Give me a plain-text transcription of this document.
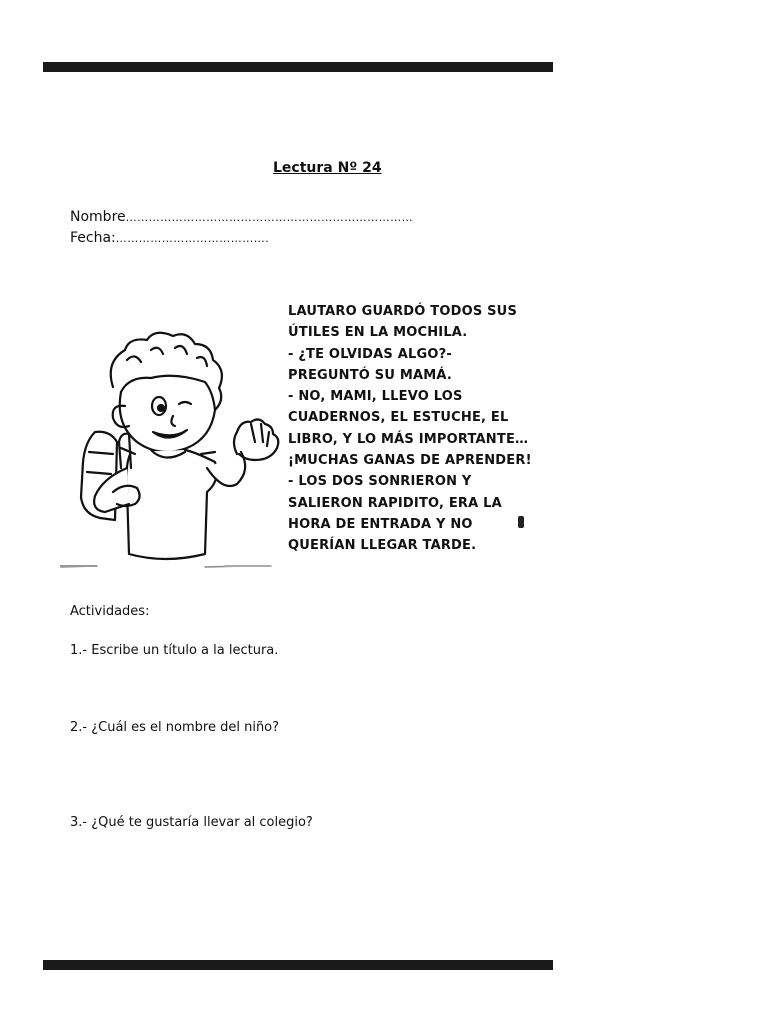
Lectura Nº 24
Nombre…………………………………………………………………
Fecha:………………………………….
LAUTARO GUARDÓ TODOS SUS
ÚTILES EN LA MOCHILA.
- ¿TE OLVIDAS ALGO?-
PREGUNTÓ SU MAMÁ.
- NO, MAMI, LLEVO LOS
CUADERNOS, EL ESTUCHE, EL
LIBRO, Y LO MÁS IMPORTANTE…
¡MUCHAS GANAS DE APRENDER!
- LOS DOS SONRIERON Y
SALIERON RAPIDITO, ERA LA
HORA DE ENTRADA Y NO
QUERÍAN LLEGAR TARDE.
Actividades:
1.- Escribe un título a la lectura.
2.- ¿Cuál es el nombre del niño?
3.- ¿Qué te gustaría llevar al colegio?
